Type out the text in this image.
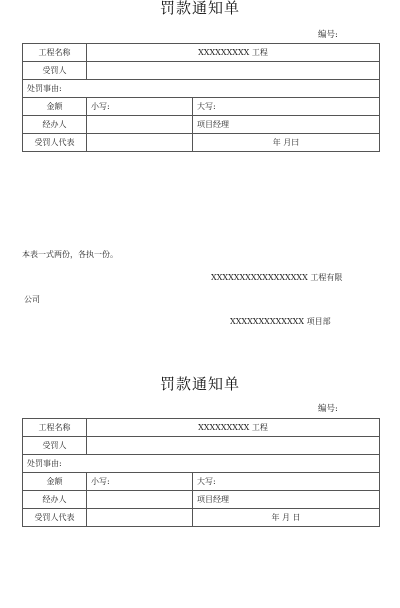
罚款通知单
编号:
工程名称	XXXXXXXXX 工程	
受罚人		
处罚事由:		
金额	小写:	大写:
经办人		项目经理
受罚人代表		年 月曰
本表一式两份，各执一份。
XXXXXXXXXXXXXXXXX 工程有限
公司
XXXXXXXXXXXXX 项目部
罚款通知单
编号:
工程名称	XXXXXXXXX 工程	
受罚人		
处罚事由:		
金额	小写:	大写:
经办人		项目经理
受罚人代表		年 月 日
